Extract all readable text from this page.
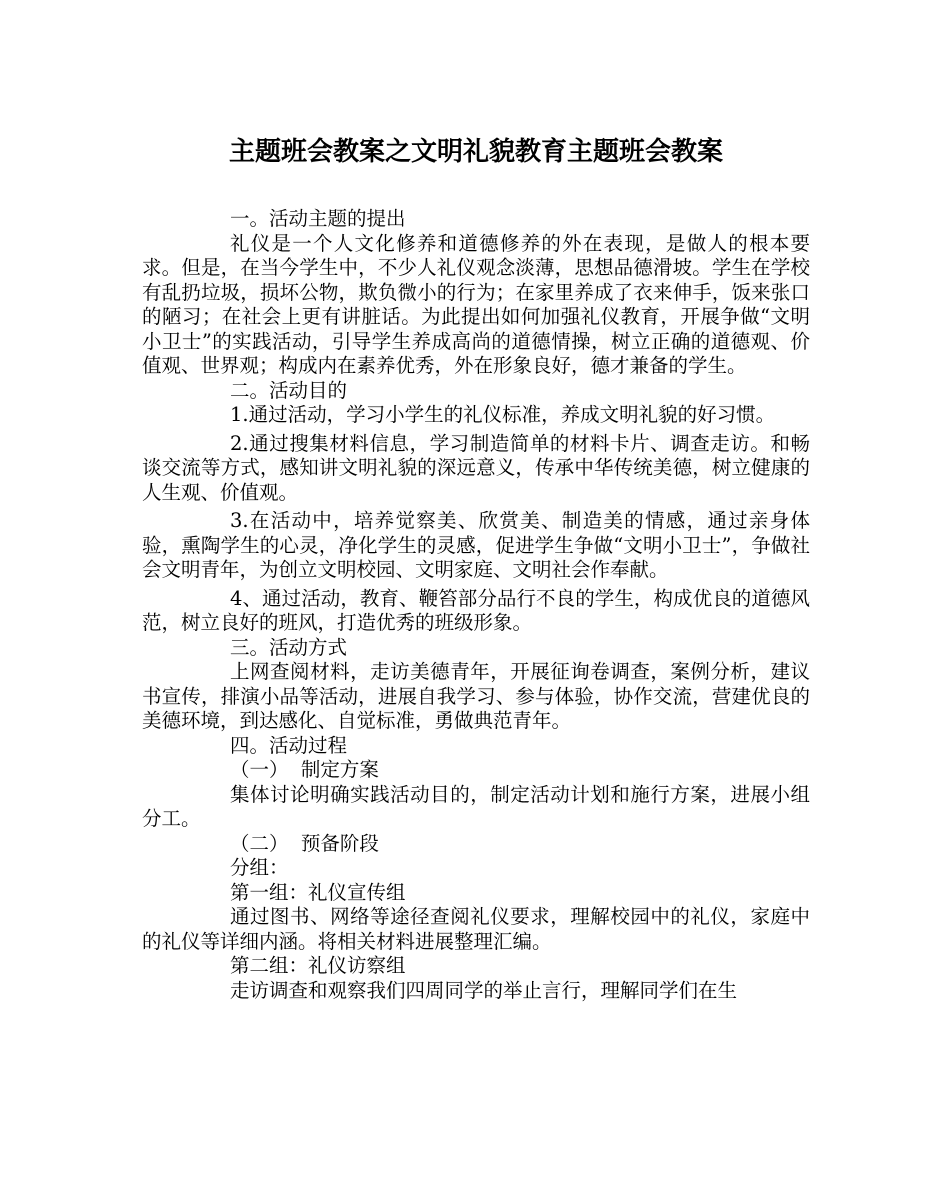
主题班会教案之文明礼貌教育主题班会教案

一。活动主题的提出

礼仪是一个人文化修养和道德修养的外在表现，是做人的根本要求。但是，在当今学生中，不少人礼仪观念淡薄，思想品德滑坡。学生在学校有乱扔垃圾，损坏公物，欺负微小的行为；在家里养成了衣来伸手，饭来张口的陋习；在社会上更有讲脏话。为此提出如何加强礼仪教育，开展争做“文明小卫士”的实践活动，引导学生养成高尚的道德情操，树立正确的道德观、价值观、世界观；构成内在素养优秀，外在形象良好，德才兼备的学生。

二。活动目的

1.通过活动，学习小学生的礼仪标准，养成文明礼貌的好习惯。

2.通过搜集材料信息，学习制造简单的材料卡片、调查走访。和畅谈交流等方式，感知讲文明礼貌的深远意义，传承中华传统美德，树立健康的人生观、价值观。

3.在活动中，培养觉察美、欣赏美、制造美的情感，通过亲身体验，熏陶学生的心灵，净化学生的灵感，促进学生争做“文明小卫士”，争做社会文明青年，为创立文明校园、文明家庭、文明社会作奉献。

4、通过活动，教育、鞭笞部分品行不良的学生，构成优良的道德风范，树立良好的班风，打造优秀的班级形象。

三。活动方式

上网查阅材料，走访美德青年，开展征询卷调查，案例分析，建议书宣传，排演小品等活动，进展自我学习、参与体验，协作交流，营建优良的美德环境，到达感化、自觉标准，勇做典范青年。

四。活动过程

（一）  制定方案

集体讨论明确实践活动目的，制定活动计划和施行方案，进展小组分工。

（二）  预备阶段

分组：

第一组：礼仪宣传组

通过图书、网络等途径查阅礼仪要求，理解校园中的礼仪，家庭中的礼仪等详细内涵。将相关材料进展整理汇编。

第二组：礼仪访察组

走访调查和观察我们四周同学的举止言行，理解同学们在生
